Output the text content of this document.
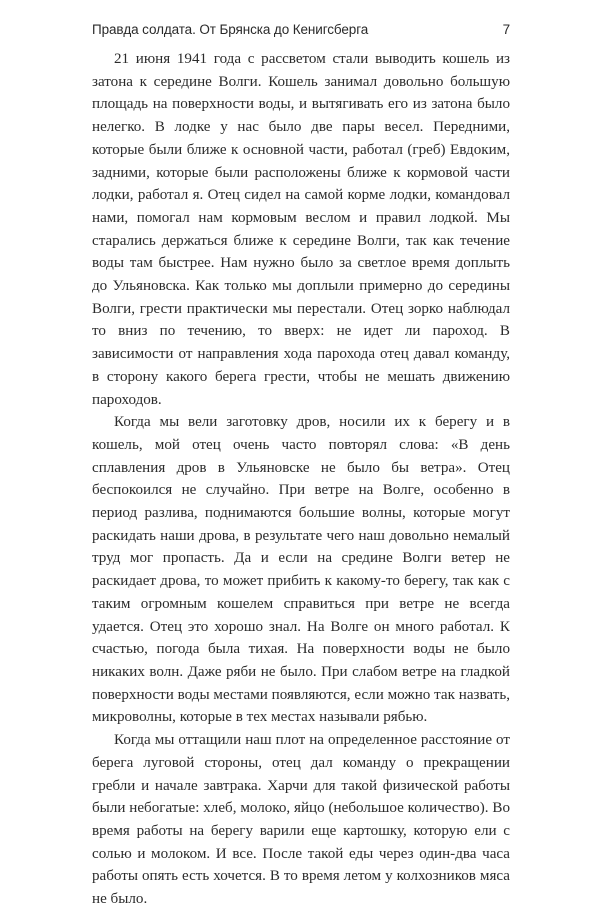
Правда солдата. От Брянска до Кенигсберга	7

21 июня 1941 года с рассветом стали выводить кошель из затона к середине Волги. Кошель занимал довольно большую площадь на поверхности воды, и вытягивать его из затона было нелегко. В лодке у нас было две пары весел. Передними, которые были ближе к основной части, работал (греб) Евдоким, задними, которые были расположены ближе к кормовой части лодки, работал я. Отец сидел на самой корме лодки, командовал нами, помогал нам кормовым веслом и правил лодкой. Мы старались держаться ближе к середине Волги, так как течение воды там быстрее. Нам нужно было за светлое время доплыть до Ульяновска. Как только мы доплыли примерно до середины Волги, грести практически мы перестали. Отец зорко наблюдал то вниз по течению, то вверх: не идет ли пароход. В зависимости от направления хода парохода отец давал команду, в сторону какого берега грести, чтобы не мешать движению пароходов.

Когда мы вели заготовку дров, носили их к берегу и в кошель, мой отец очень часто повторял слова: «В день сплавления дров в Ульяновске не было бы ветра». Отец беспокоился не случайно. При ветре на Волге, особенно в период разлива, поднимаются большие волны, которые могут раскидать наши дрова, в результате чего наш довольно немалый труд мог пропасть. Да и если на средине Волги ветер не раскидает дрова, то может прибить к какому-то берегу, так как с таким огромным кошелем справиться при ветре не всегда удается. Отец это хорошо знал. На Волге он много работал. К счастью, погода была тихая. На поверхности воды не было никаких волн. Даже ряби не было. При слабом ветре на гладкой поверхности воды местами появляются, если можно так назвать, микроволны, которые в тех местах называли рябью.

Когда мы оттащили наш плот на определенное расстояние от берега луговой стороны, отец дал команду о прекращении гребли и начале завтрака. Харчи для такой физической работы были небогатые: хлеб, молоко, яйцо (небольшое количество). Во время работы на берегу варили еще картошку, которую ели с солью и молоком. И все. После такой еды через один-два часа работы опять есть хочется. В то время летом у колхозников мяса не было.
